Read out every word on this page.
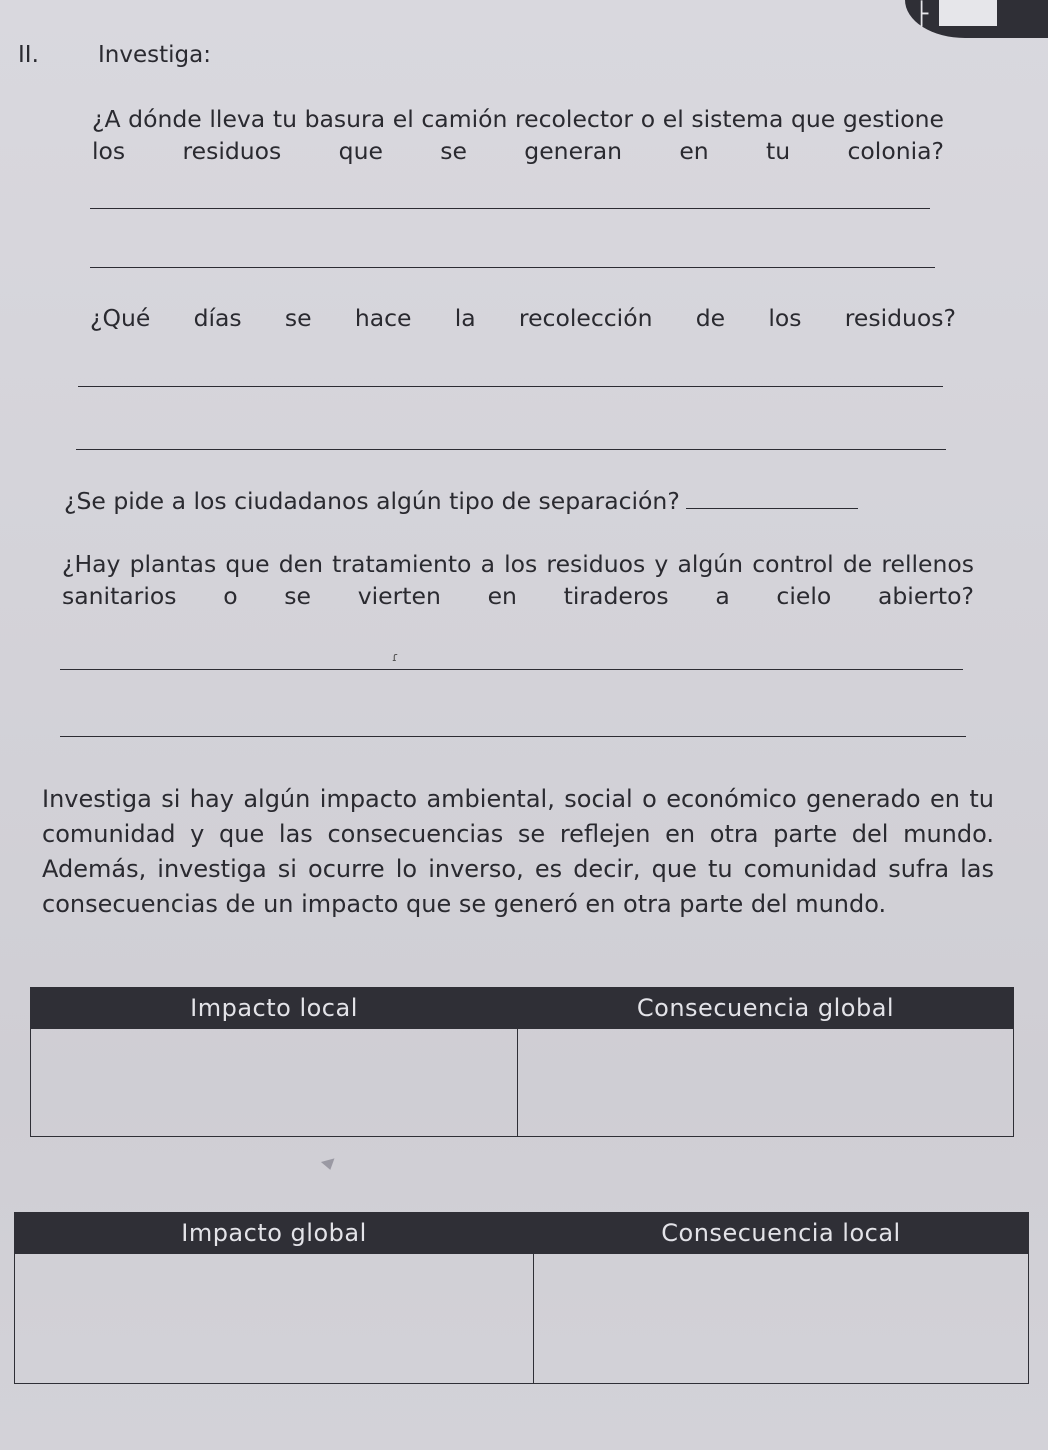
├
II.	Investiga:

¿A dónde lleva tu basura el camión recolector o el sistema que gestione los residuos que se generan en tu colonia?

¿Qué días se hace la recolección de los residuos?

¿Se pide a los ciudadanos algún tipo de separación?

¿Hay plantas que den tratamiento a los residuos y algún control de rellenos sanitarios o se vierten en tiraderos a cielo abierto?

ɾ

Investiga si hay algún impacto ambiental, social o económico generado en tu comunidad y que las consecuencias se reflejen en otra parte del mundo. Además, investiga si ocurre lo inverso, es decir, que tu comunidad sufra las consecuencias de un impacto que se generó en otra parte del mundo.

Impacto local	Consecuencia global

Impacto global	Consecuencia local
